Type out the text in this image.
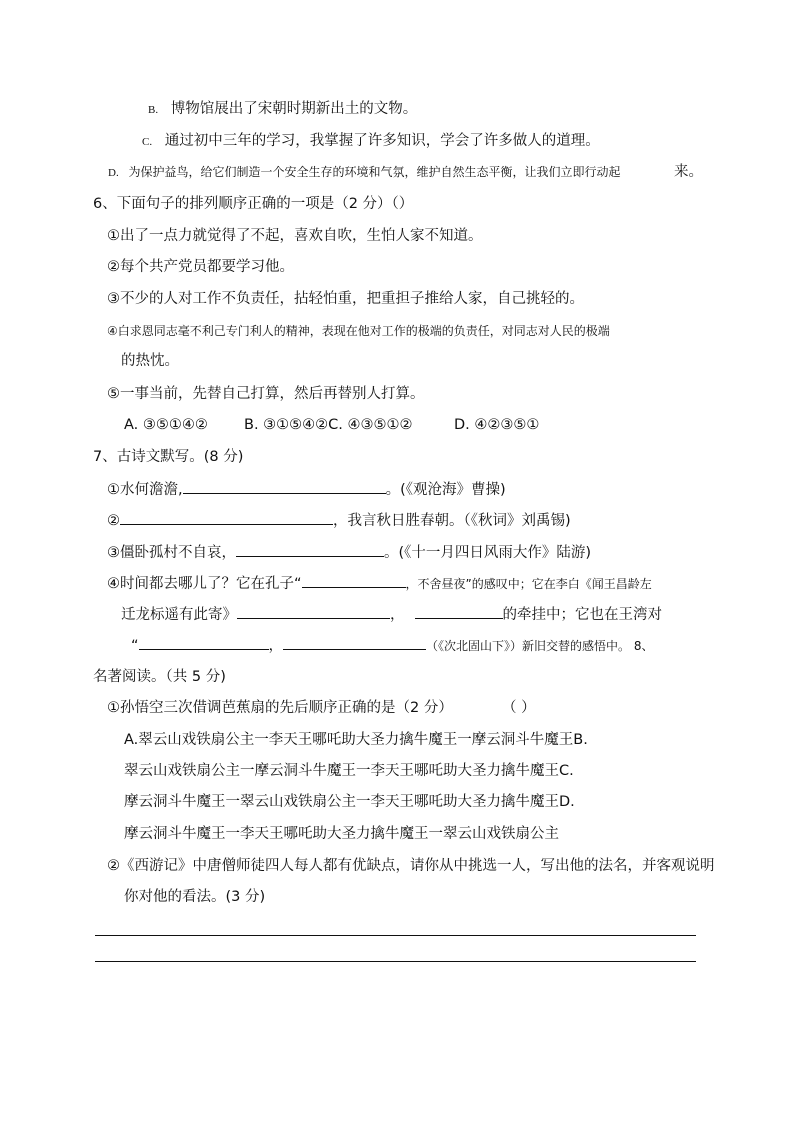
B. 博物馆展出了宋朝时期新出土的文物。
C. 通过初中三年的学习，我掌握了许多知识，学会了许多做人的道理。
D. 为保护益鸟，给它们制造一个安全生存的环境和气氛，维护自然生态平衡，让我们立即行动起	来。
6、下面句子的排列顺序正确的一项是（2 分）（）
①出了一点力就觉得了不起，喜欢自吹，生怕人家不知道。
②每个共产党员都要学习他。
③不少的人对工作不负责任，拈轻怕重，把重担子推给人家，自己挑轻的。
④白求恩同志毫不利己专门利人的精神，表现在他对工作的极端的负责任，对同志对人民的极端
的热忱。
⑤一事当前，先替自己打算，然后再替别人打算。
A. ③⑤①④② B. ③①⑤④②C. ④③⑤①②	D. ④②③⑤①
7、古诗文默写。(8 分)
①水何澹澹,	。(《观沧海》曹操)
②	，我言秋日胜春朝。（《秋词》刘禹锡)
③僵卧孤村不自哀，	。(《十一月四日风雨大作》陆游)
④时间都去哪儿了？它在孔子“	，不舍昼夜”的感叹中；它在李白《闻王昌龄左
迁龙标遥有此寄》	，	的牵挂中；它也在王湾对
“	，	（《次北固山下》）新旧交替的感悟中。 8、
名著阅读。（共 5 分)
①孙悟空三次借调芭蕉扇的先后顺序正确的是（2 分）	（ ）
A.翠云山戏铁扇公主一李天王哪吒助大圣力擒牛魔王一摩云洞斗牛魔王B.
翠云山戏铁扇公主一摩云洞斗牛魔王一李天王哪吒助大圣力擒牛魔王C.
摩云洞斗牛魔王一翠云山戏铁扇公主一李天王哪吒助大圣力擒牛魔王D.
摩云洞斗牛魔王一李天王哪吒助大圣力擒牛魔王一翠云山戏铁扇公主
②《西游记》中唐僧师徒四人每人都有优缺点，请你从中挑选一人，写出他的法名，并客观说明
你对他的看法。(3 分)
